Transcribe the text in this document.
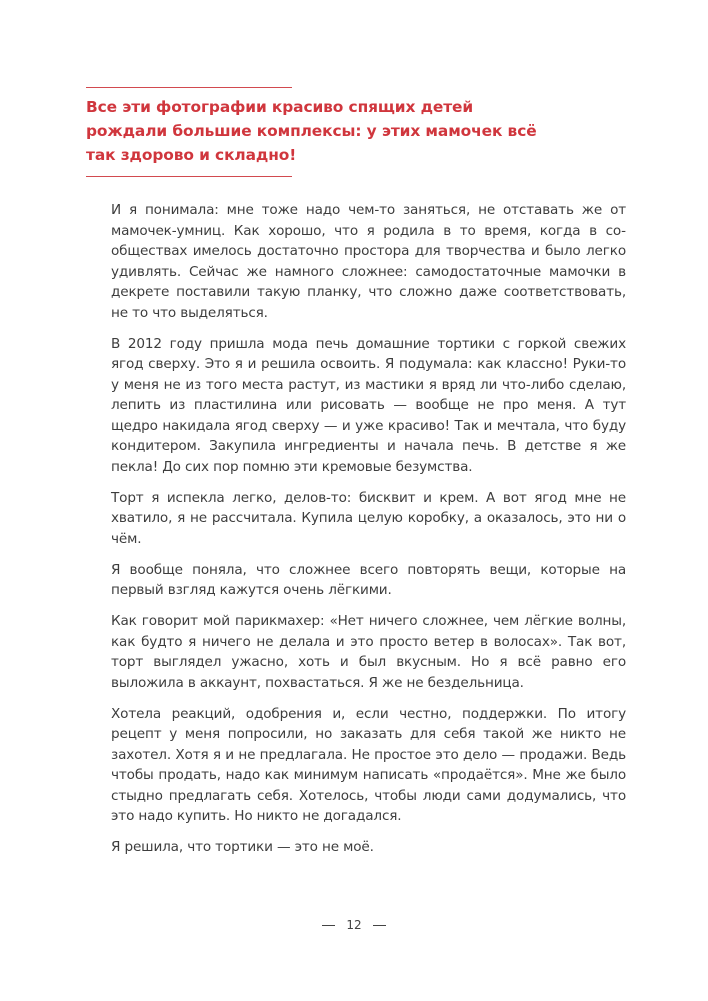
Все эти фотографии красиво спящих детей рождали большие комплексы: у этих мамочек всё так здорово и складно!

И я понимала: мне тоже надо чем-то заняться, не отставать же от мамочек-умниц. Как хорошо, что я родила в то время, когда в сообществах имелось достаточно простора для творчества и было легко удивлять. Сейчас же намного сложнее: самодостаточные мамочки в декрете поставили такую планку, что сложно даже соответствовать, не то что выделяться.

В 2012 году пришла мода печь домашние тортики с горкой свежих ягод сверху. Это я и решила освоить. Я подумала: как классно! Руки-то у меня не из того места растут, из мастики я вряд ли что-либо сделаю, лепить из пластилина или рисовать — вообще не про меня. А тут щедро накидала ягод сверху — и уже красиво! Так и мечтала, что буду кондитером. Закупила ингредиенты и начала печь. В детстве я же пекла! До сих пор помню эти кремовые безумства.

Торт я испекла легко, делов-то: бисквит и крем. А вот ягод мне не хватило, я не рассчитала. Купила целую коробку, а оказалось, это ни о чём.

Я вообще поняла, что сложнее всего повторять вещи, которые на первый взгляд кажутся очень лёгкими.

Как говорит мой парикмахер: «Нет ничего сложнее, чем лёгкие волны, как будто я ничего не делала и это просто ветер в волосах». Так вот, торт выглядел ужасно, хоть и был вкусным. Но я всё равно его выложила в аккаунт, похвастаться. Я же не бездельница.

Хотела реакций, одобрения и, если честно, поддержки. По итогу рецепт у меня попросили, но заказать для себя такой же никто не захотел. Хотя я и не предлагала. Не простое это дело — продажи. Ведь чтобы продать, надо как минимум написать «продаётся». Мне же было стыдно предлагать себя. Хотелось, чтобы люди сами додумались, что это надо купить. Но никто не догадался.

Я решила, что тортики — это не моё.

12
